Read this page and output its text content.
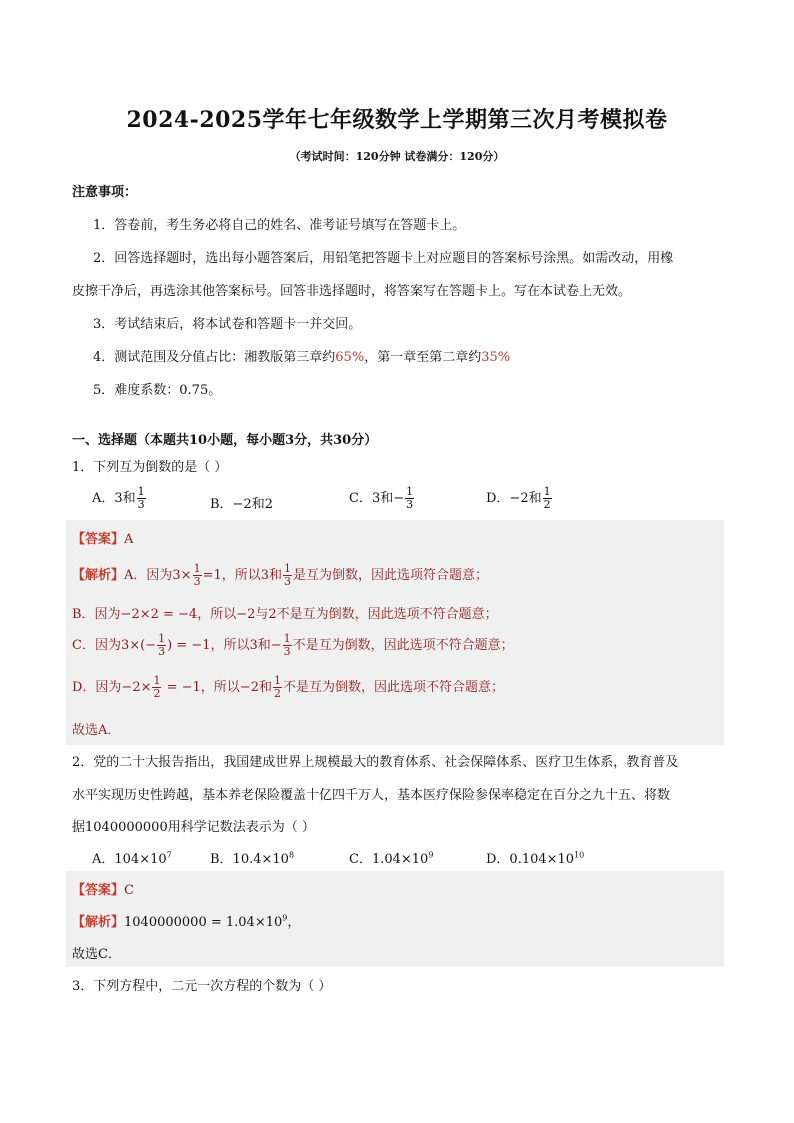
2024-2025学年七年级数学上学期第三次月考模拟卷
（考试时间：120分钟 试卷满分：120分）
注意事项：
1．答卷前，考生务必将自己的姓名、准考证号填写在答题卡上。
2．回答选择题时，选出每小题答案后，用铅笔把答题卡上对应题目的答案标号涂黑。如需改动，用橡
皮擦干净后，再选涂其他答案标号。回答非选择题时，将答案写在答题卡上。写在本试卷上无效。
3．考试结束后，将本试卷和答题卡一并交回。
4．测试范围及分值占比：湘教版第三章约65%，第一章至第二章约35%
5．难度系数：0.75。
一、选择题（本题共10小题，每小题3分，共30分）
1．下列互为倒数的是（ ）
A．3和 $\frac{1}{3}$	B．−2和2	C．3和− $\frac{1}{3}$	D．−2和 $\frac{1}{2}$
【答案】A
【解析】A．因为$3\times \frac{1}{3} =1$，所以3和 $\frac{1}{3}$ 是互为倒数，因此选项符合题意；
B．因为−2×2 = −4，所以−2与2不是互为倒数，因此选项不符合题意；
C．因为$3\times(- \frac{1}{3}$ ) = −1，所以3和− $\frac{1}{3}$ 不是互为倒数，因此选项不符合题意；
D．因为$-2\times \frac{1}{2} = -1$，所以−2和 $\frac{1}{2}$ 不是互为倒数，因此选项不符合题意；
故选A．
2．党的二十大报告指出，我国建成世界上规模最大的教育体系、社会保障体系、医疗卫生体系，教育普及
水平实现历史性跨越，基本养老保险覆盖十亿四千万人，基本医疗保险参保率稳定在百分之九十五、将数
据1040000000用科学记数法表示为（ ）
A．$104\times 10^7$	B．$10.4\times 10^8$	C．$1.04\times 10^9$	D．$0.104\times 10^{10}$
【答案】C
【解析】$1040000000 = 1.04\times 10^9$，
故选C．
3．下列方程中，二元一次方程的个数为（ ）
